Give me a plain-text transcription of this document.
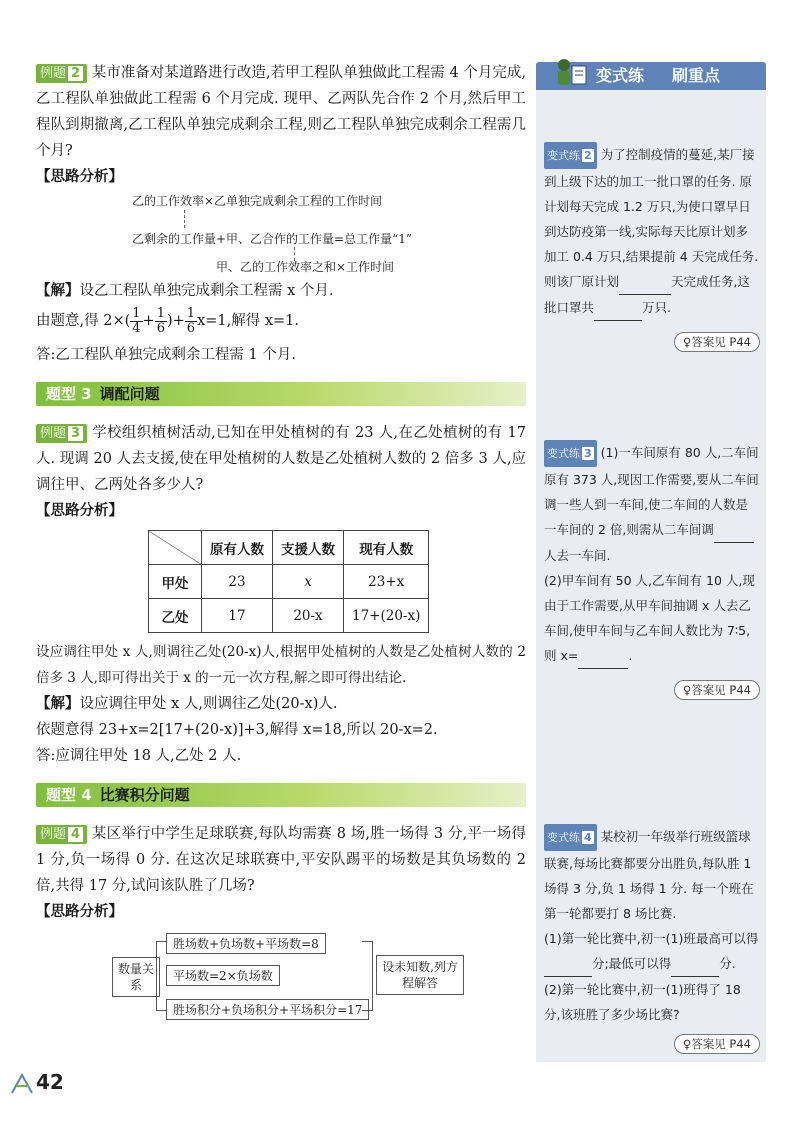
例题 2 某市准备对某道路进行改造,若甲工程队单独做此工程需 4 个月完成,乙工程队单独做此工程需 6 个月完成. 现甲、乙两队先合作 2 个月,然后甲工程队到期撤离,乙工程队单独完成剩余工程,则乙工程队单独完成剩余工程需几个月?
【思路分析】
乙的工作效率×乙单独完成剩余工程的工作时间
乙剩余的工作量+甲、乙合作的工作量=总工作量“1”
甲、乙的工作效率之和×工作时间
【解】设乙工程队单独完成剩余工程需 x 个月.
由题意,得 $2\times( \frac{1}{4} + \frac{1}{6}$ )+ $\frac{1}{6} x=1$,解得 x=1.
答:乙工程队单独完成剩余工程需 1 个月.
题型 3 调配问题
例题 3 学校组织植树活动,已知在甲处植树的有 23 人,在乙处植树的有 17 人. 现调 20 人去支援,使在甲处植树的人数是乙处植树人数的 2 倍多 3 人,应调往甲、乙两处各多少人?
【思路分析】
	原有人数	支援人数	现有人数
甲处	23	x	23+x
乙处	17	20-x	17+(20-x)
设应调往甲处 x 人,则调往乙处(20-x)人,根据甲处植树的人数是乙处植树人数的 2 倍多 3 人,即可得出关于 x 的一元一次方程,解之即可得出结论.
【解】设应调往甲处 x 人,则调往乙处(20-x)人.
依题意得 23+x=2[17+(20-x)]+3,解得 x=18,所以 20-x=2.
答:应调往甲处 18 人,乙处 2 人.
题型 4 比赛积分问题
例题 4 某区举行中学生足球联赛,每队均需赛 8 场,胜一场得 3 分,平一场得 1 分,负一场得 0 分. 在这次足球联赛中,平安队踢平的场数是其负场数的 2 倍,共得 17 分,试问该队胜了几场?
【思路分析】
数量关系
胜场数+负场数+平场数=8
平场数=2×负场数
胜场积分+负场积分+平场积分=17
设未知数,列方程解答
变式练 刷重点
变式练 2 为了控制疫情的蔓延,某厂接到上级下达的加工一批口罩的任务. 原计划每天完成 1.2 万只,为使口罩早日到达防疫第一线,实际每天比原计划多加工 0.4 万只,结果提前 4 天完成任务. 则该厂原计划	天完成任务,这批口罩共	万只.
♀答案见 P44
变式练 3 (1)一车间原有 80 人,二车间原有 373 人,现因工作需要,要从二车间调一些人到一车间,使二车间的人数是一车间的 2 倍,则需从二车间调 人去一车间.
(2)甲车间有 50 人,乙车间有 10 人,现由于工作需要,从甲车间抽调 x 人去乙车间,使甲车间与乙车间人数比为 7∶5,则 x=	.
♀答案见 P44
变式练 4 某校初一年级举行班级篮球联赛,每场比赛都要分出胜负,每队胜 1 场得 3 分,负 1 场得 1 分. 每一个班在第一轮都要打 8 场比赛.
(1)第一轮比赛中,初一(1)班最高可以得 分;最低可以得	分.
(2)第一轮比赛中,初一(1)班得了 18 分,该班胜了多少场比赛?
♀答案见 P44
42
